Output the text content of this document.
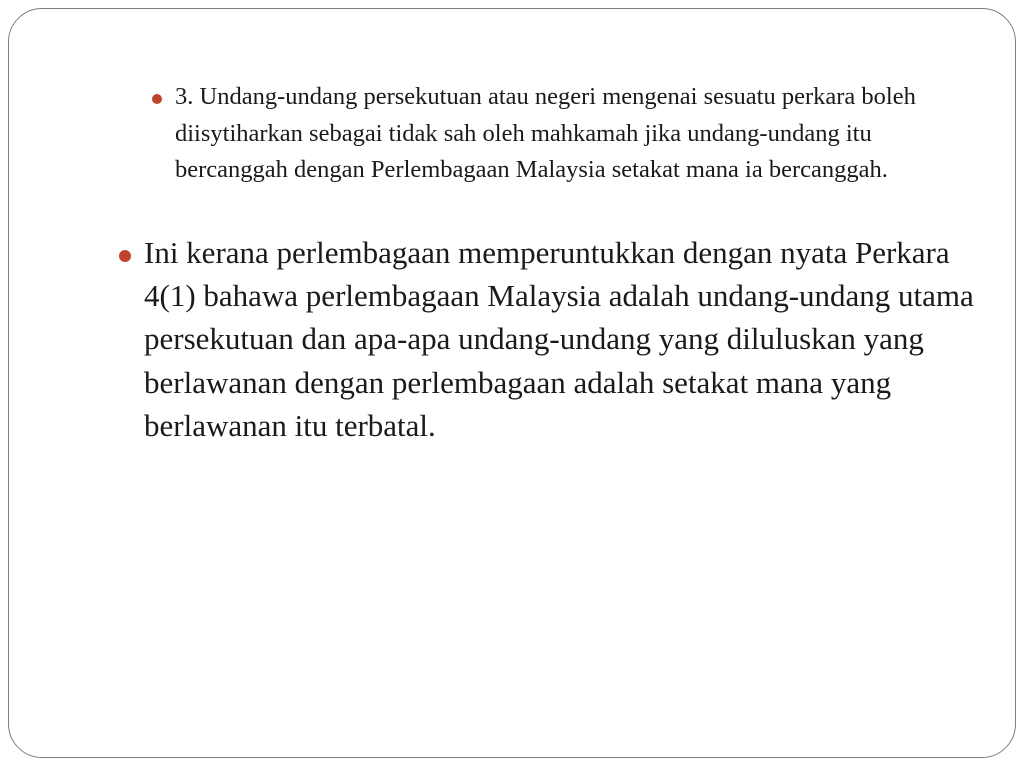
3. Undang-undang persekutuan atau negeri mengenai sesuatu perkara boleh diisytiharkan sebagai tidak sah oleh mahkamah jika undang-undang itu bercanggah dengan Perlembagaan Malaysia setakat mana ia bercanggah.
Ini kerana perlembagaan memperuntukkan dengan nyata Perkara 4(1) bahawa perlembagaan Malaysia adalah undang-undang utama persekutuan dan apa-apa undang-undang yang diluluskan yang berlawanan dengan perlembagaan adalah setakat mana yang berlawanan itu terbatal.
